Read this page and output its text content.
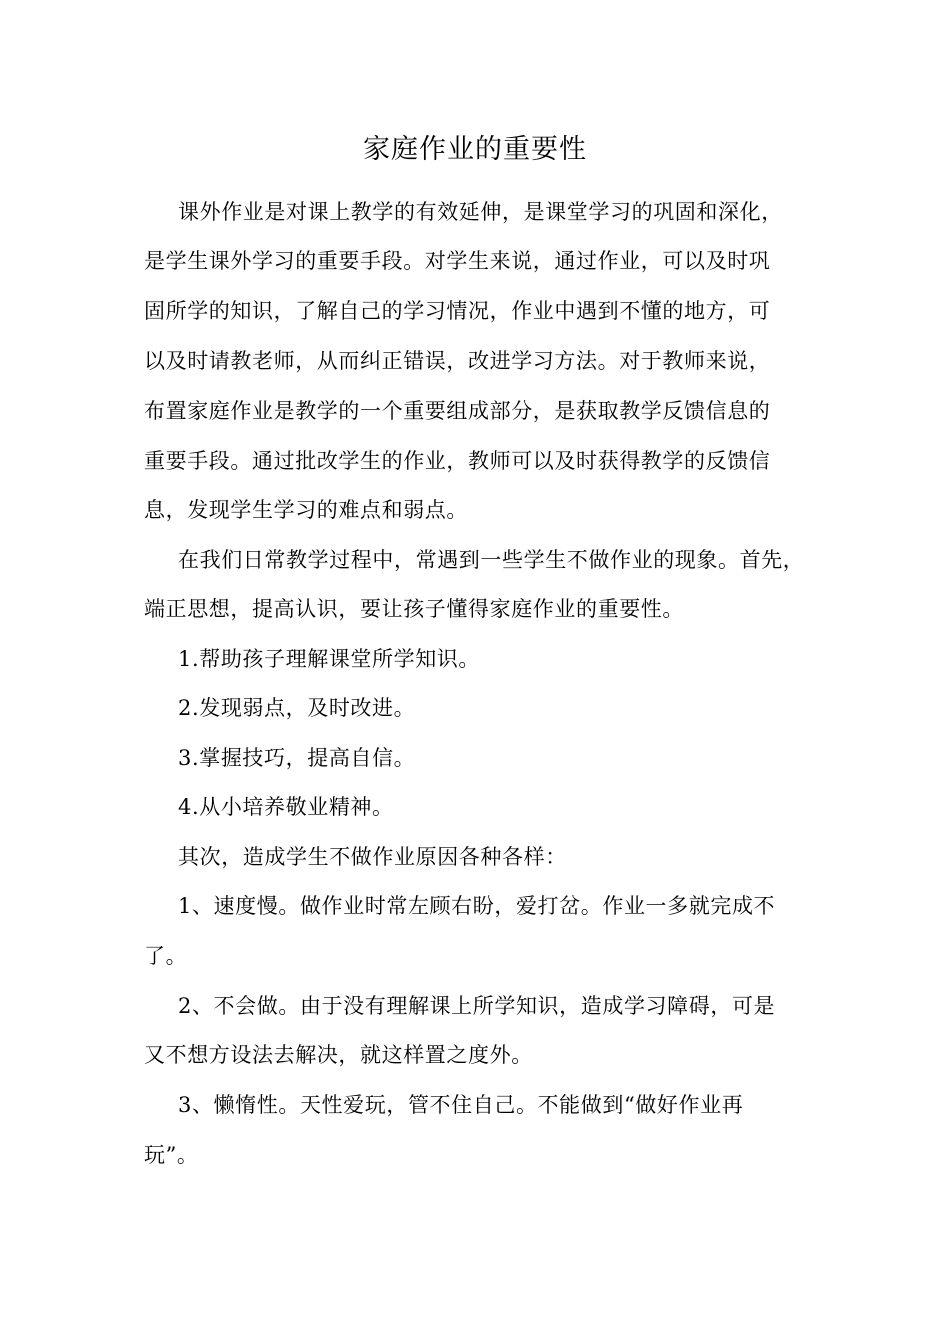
家庭作业的重要性
课外作业是对课上教学的有效延伸，是课堂学习的巩固和深化，
是学生课外学习的重要手段。对学生来说，通过作业，可以及时巩
固所学的知识，了解自己的学习情况，作业中遇到不懂的地方，可
以及时请教老师，从而纠正错误，改进学习方法。对于教师来说，
布置家庭作业是教学的一个重要组成部分，是获取教学反馈信息的
重要手段。通过批改学生的作业，教师可以及时获得教学的反馈信
息，发现学生学习的难点和弱点。
在我们日常教学过程中，常遇到一些学生不做作业的现象。首先，
端正思想，提高认识，要让孩子懂得家庭作业的重要性。
1.帮助孩子理解课堂所学知识。
2.发现弱点，及时改进。
3.掌握技巧，提高自信。
4.从小培养敬业精神。
其次，造成学生不做作业原因各种各样：
1、速度慢。做作业时常左顾右盼，爱打岔。作业一多就完成不
了。
2、不会做。由于没有理解课上所学知识，造成学习障碍，可是
又不想方设法去解决，就这样置之度外。
3、懒惰性。天性爱玩，管不住自己。不能做到“做好作业再
玩”。
